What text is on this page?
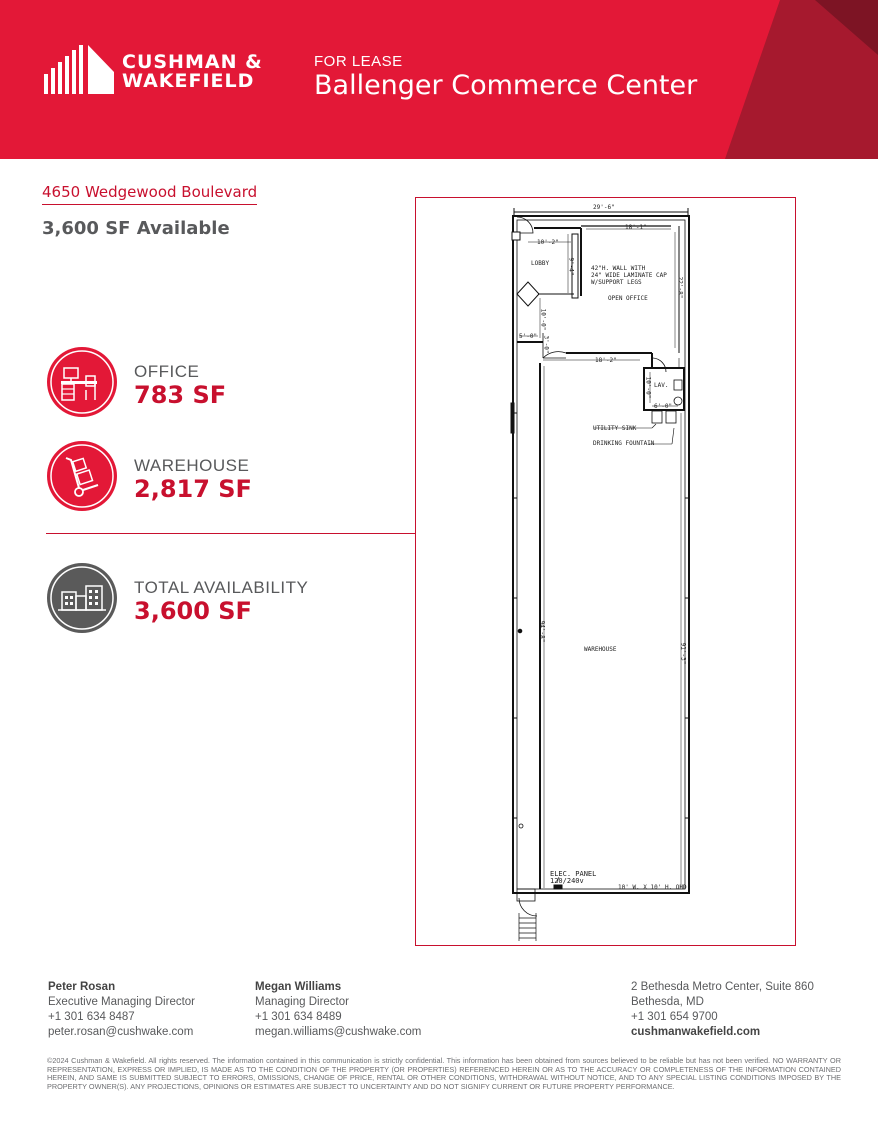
CUSHMAN &
WAKEFIELD
FOR LEASE
Ballenger Commerce Center
4650 Wedgewood Boulevard
3,600 SF Available
OFFICE
783 SF
WAREHOUSE
2,817 SF
TOTAL AVAILABILITY
3,600 SF
29'-6"
18'-1"
10'-2"
9'-4"
22'-8"
10'-0"
5'-0" 3'-0"
18'-2"
10'-0"
6'-0"
94'-8"
91'-3"
LOBBY
42"H. WALL WITH
24" WIDE LAMINATE CAP
W/SUPPORT LEGS
OPEN OFFICE
LAV.
UTILITY SINK
DRINKING FOUNTAIN
WAREHOUSE
ELEC. PANEL
120/240v
10' W. X 10' H. OHD
Peter Rosan
Executive Managing Director
+1 301 634 8487
peter.rosan@cushwake.com
Megan Williams
Managing Director
+1 301 634 8489
megan.williams@cushwake.com
2 Bethesda Metro Center, Suite 860
Bethesda, MD
+1 301 654 9700
cushmanwakefield.com
©2024 Cushman & Wakefield. All rights reserved. The information contained in this communication is strictly confidential. This information has been obtained from sources believed to be reliable but has not been verified. NO WARRANTY OR REPRESENTATION, EXPRESS OR IMPLIED, IS MADE AS TO THE CONDITION OF THE PROPERTY (OR PROPERTIES) REFERENCED HEREIN OR AS TO THE ACCURACY OR COMPLETENESS OF THE INFORMATION CONTAINED HEREIN, AND SAME IS SUBMITTED SUBJECT TO ERRORS, OMISSIONS, CHANGE OF PRICE, RENTAL OR OTHER CONDITIONS, WITHDRAWAL WITHOUT NOTICE, AND TO ANY SPECIAL LISTING CONDITIONS IMPOSED BY THE PROPERTY OWNER(S). ANY PROJECTIONS, OPINIONS OR ESTIMATES ARE SUBJECT TO UNCERTAINTY AND DO NOT SIGNIFY CURRENT OR FUTURE PROPERTY PERFORMANCE.
